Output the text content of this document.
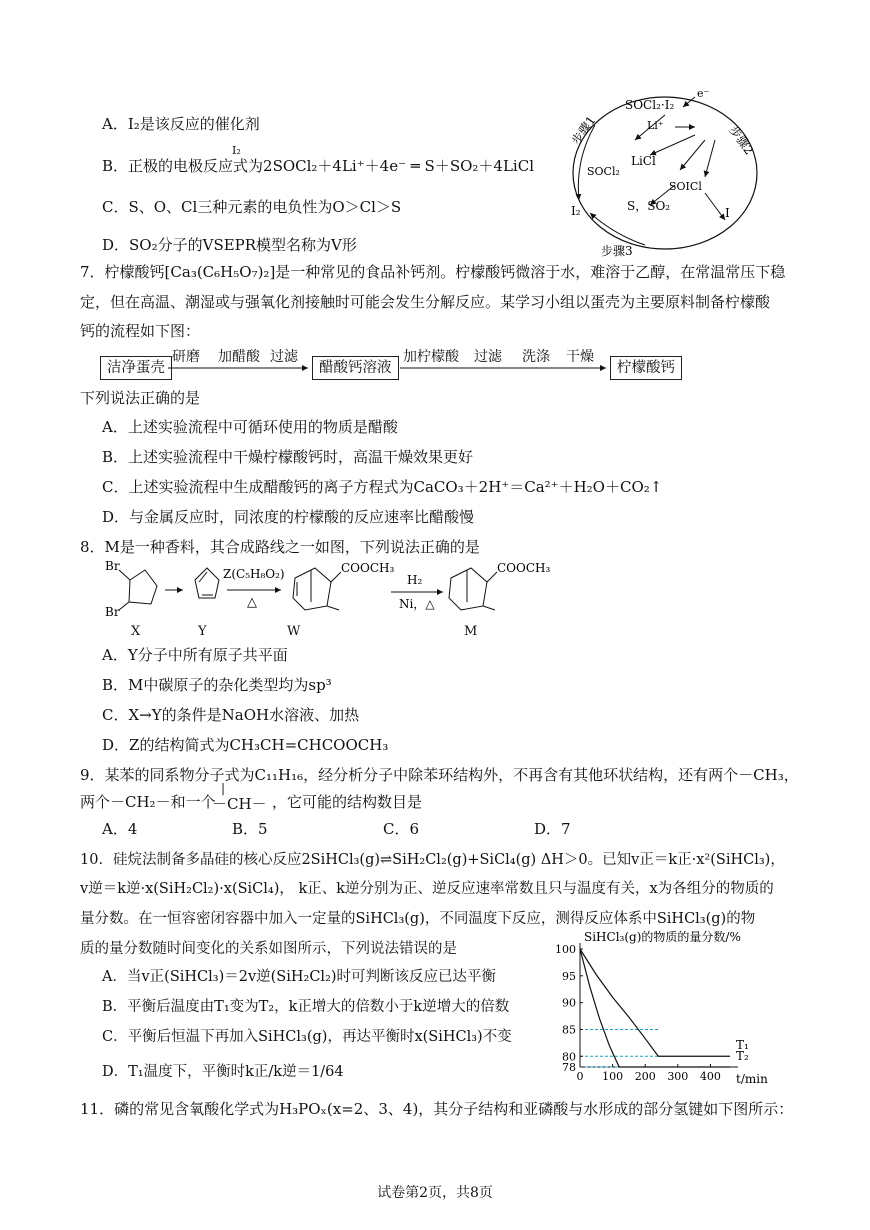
A．I₂是该反应的催化剂
I₂
B．正极的电极反应式为2SOCl₂＋4Li⁺＋4e⁻ ═ S＋SO₂＋4LiCl
C．S、O、Cl三种元素的电负性为O＞Cl＞S
D．SO₂分子的VSEPR模型名称为V形
SOCl₂·I₂
e⁻
Li⁺
LiCl
SOCl₂
SOICl
S，SO₂	I
I₂
步骤1	步骤2
步骤3
7．柠檬酸钙[Ca₃(C₆H₅O₇)₂]是一种常见的食品补钙剂。柠檬酸钙微溶于水，难溶于乙醇，在常温常压下稳
定，但在高温、潮湿或与强氧化剂接触时可能会发生分解反应。某学习小组以蛋壳为主要原料制备柠檬酸
钙的流程如下图：
洁净蛋壳
研磨 加醋酸 过滤
醋酸钙溶液
加柠檬酸 过滤 洗涤 干燥
柠檬酸钙
下列说法正确的是
A．上述实验流程中可循环使用的物质是醋酸
B．上述实验流程中干燥柠檬酸钙时，高温干燥效果更好
C．上述实验流程中生成醋酸钙的离子方程式为CaCO₃＋2H⁺＝Ca²⁺＋H₂O＋CO₂↑
D．与金属反应时，同浓度的柠檬酸的反应速率比醋酸慢
8．M是一种香料，其合成路线之一如图，下列说法正确的是
Br
Br
Z(C₅H₈O₂)
△
COOCH₃
H₂
Ni，△
COOCH₃
X	Y	W	M
A．Y分子中所有原子共平面
B．M中碳原子的杂化类型均为sp³
C．X→Y的条件是NaOH水溶液、加热
D．Z的结构简式为CH₃CH=CHCOOCH₃
9．某苯的同系物分子式为C₁₁H₁₆，经分析分子中除苯环结构外，不再含有其他环状结构，还有两个－CH₃，
两个－CH₂－和一个
|
－CH－ ，它可能的结构数目是
A．4	B．5	C．6	D．7
10．硅烷法制备多晶硅的核心反应2SiHCl₃(g)⇌SiH₂Cl₂(g)+SiCl₄(g) ΔH＞0。已知v正＝k正·x²(SiHCl₃)，
v逆＝k逆·x(SiH₂Cl₂)·x(SiCl₄)， k正、k逆分别为正、逆反应速率常数且只与温度有关，x为各组分的物质的
量分数。在一恒容密闭容器中加入一定量的SiHCl₃(g)，不同温度下反应，测得反应体系中SiHCl₃(g)的物
质的量分数随时间变化的关系如图所示，下列说法错误的是
A．当v正(SiHCl₃)＝2v逆(SiH₂Cl₂)时可判断该反应已达平衡
B．平衡后温度由T₁变为T₂，k正增大的倍数小于k逆增大的倍数
C．平衡后恒温下再加入SiHCl₃(g)，再达平衡时x(SiHCl₃)不变
D．T₁温度下，平衡时k正/k逆＝1/64
SiHCl₃(g)的物质的量分数/%
t/min
78
80
85
90
95
100
0 100 200 300 400
T₁
T₂
11．磷的常见含氧酸化学式为H₃POₓ(x=2、3、4)，其分子结构和亚磷酸与水形成的部分氢键如下图所示：
试卷第2页，共8页
